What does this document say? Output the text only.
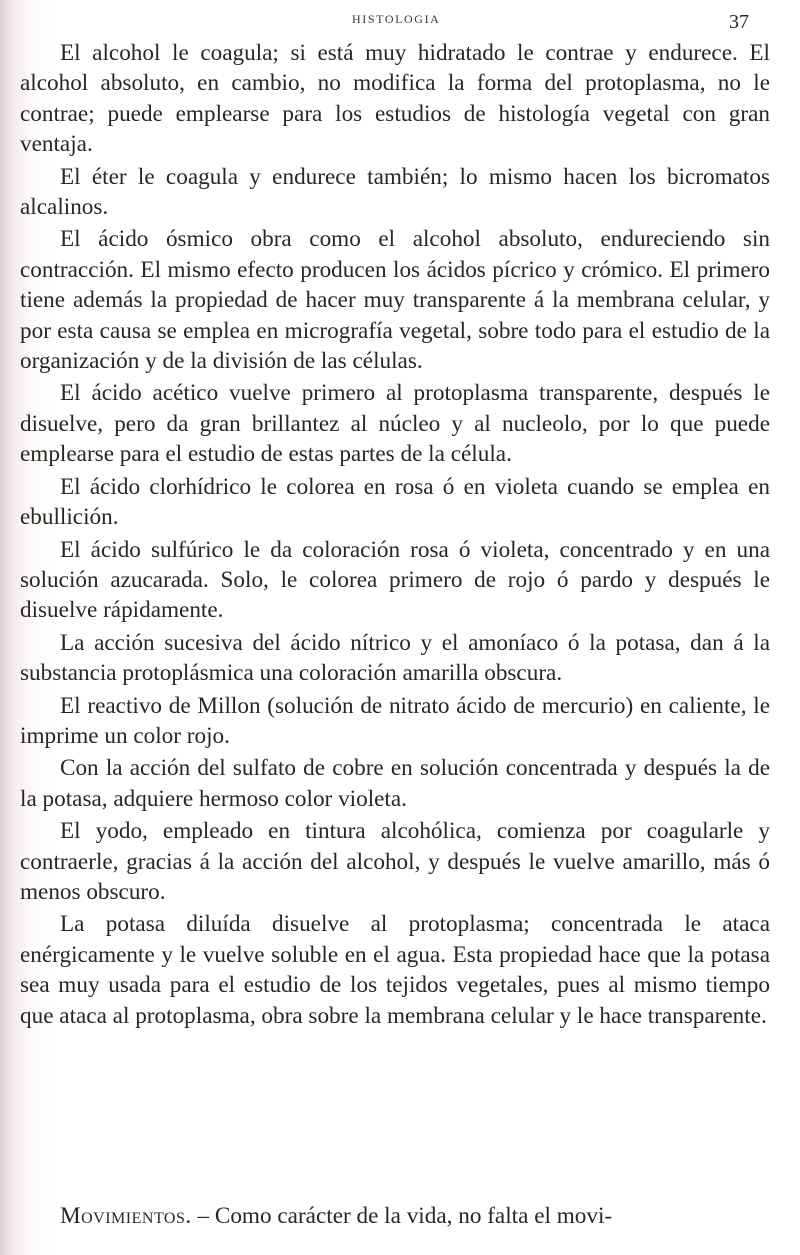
HISTOLOGIA	37

El alcohol le coagula; si está muy hidratado le contrae y endurece. El alcohol absoluto, en cambio, no modifica la forma del protoplasma, no le contrae; puede emplearse para los estudios de histología vegetal con gran ventaja.

El éter le coagula y endurece también; lo mismo hacen los bicromatos alcalinos.

El ácido ósmico obra como el alcohol absoluto, endureciendo sin contracción. El mismo efecto producen los ácidos pícrico y crómico. El primero tiene además la propiedad de hacer muy transparente á la membrana celular, y por esta causa se emplea en micrografía vegetal, sobre todo para el estudio de la organización y de la división de las células.

El ácido acético vuelve primero al protoplasma transparente, después le disuelve, pero da gran brillantez al núcleo y al nucleolo, por lo que puede emplearse para el estudio de estas partes de la célula.

El ácido clorhídrico le colorea en rosa ó en violeta cuando se emplea en ebullición.

El ácido sulfúrico le da coloración rosa ó violeta, concentrado y en una solución azucarada. Solo, le colorea primero de rojo ó pardo y después le disuelve rápidamente.

La acción sucesiva del ácido nítrico y el amoníaco ó la potasa, dan á la substancia protoplásmica una coloración amarilla obscura.

El reactivo de Millon (solución de nitrato ácido de mercurio) en caliente, le imprime un color rojo.

Con la acción del sulfato de cobre en solución concentrada y después la de la potasa, adquiere hermoso color violeta.

El yodo, empleado en tintura alcohólica, comienza por coagularle y contraerle, gracias á la acción del alcohol, y después le vuelve amarillo, más ó menos obscuro.

La potasa diluída disuelve al protoplasma; concentrada le ataca enérgicamente y le vuelve soluble en el agua. Esta propiedad hace que la potasa sea muy usada para el estudio de los tejidos vegetales, pues al mismo tiempo que ataca al protoplasma, obra sobre la membrana celular y le hace transparente.

Movimientos. – Como carácter de la vida, no falta el movi-
